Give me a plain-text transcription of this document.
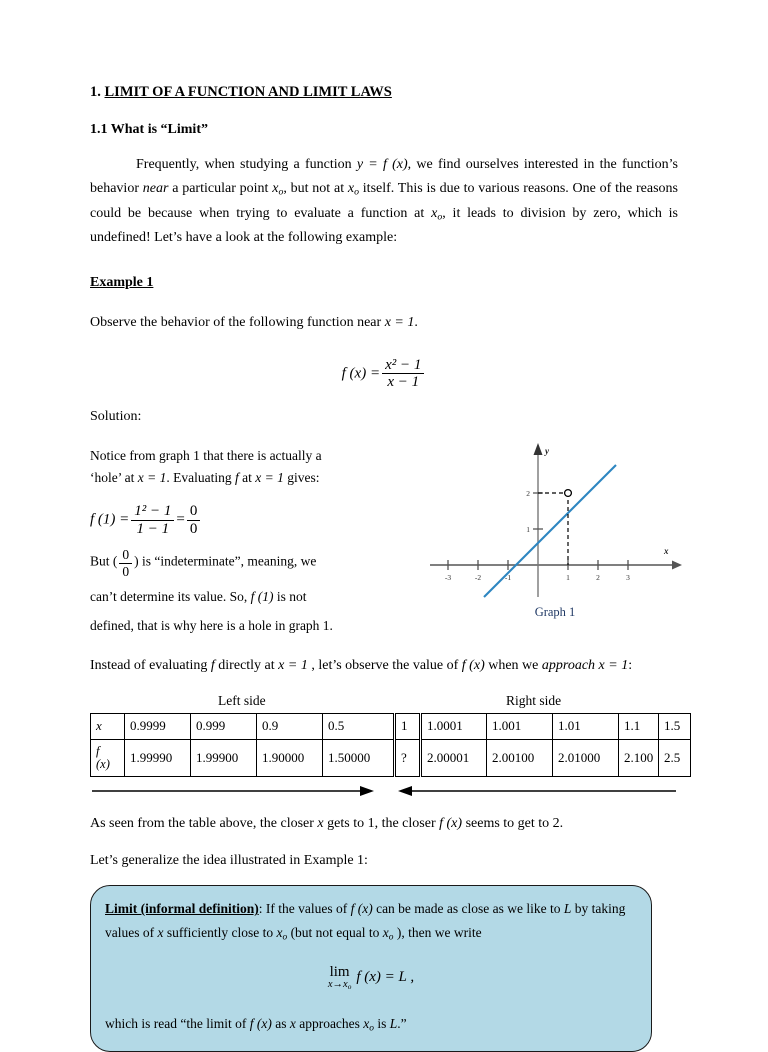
1. LIMIT OF A FUNCTION AND LIMIT LAWS
1.1 What is “Limit”

Frequently, when studying a function y = f (x), we find ourselves interested in the function’s behavior near a particular point $x_o$, but not at $x_o$ itself. This is due to various reasons. One of the reasons could be because when trying to evaluate a function at $x_o$, it leads to division by zero, which is undefined! Let’s have a look at the following example:

Example 1

Observe the behavior of the following function near x = 1.

f $(x) = \frac{\text{x² − 1}}{x - 1}$

Solution:

Notice from graph 1 that there is actually a

‘hole’ at x = 1. Evaluating f at x = 1 gives:

f $(1) = \frac{\text{1² − 1}}{1 - 1} = \frac{0}{0}$

But ( $\frac{0}{0}$ ) is “indeterminate”, meaning, we

can’t determine its value. So, f (1) is not

defined, that is why here is a hole in graph 1.

-3	-2	-1	1	2	3
1
2
x
y
Graph 1

Instead of evaluating f directly at x = 1 , let’s observe the value of f (x) when we approach x = 1:

Left side	Right side
x	0.9999	0.999	0.9	0.5	1	1.0001	1.001	1.01	1.1	1.5
f
(x)	1.99990	1.99900	1.90000	1.50000	?	2.00001	2.00100	2.01000	2.100	2.5

As seen from the table above, the closer x gets to 1, the closer f (x) seems to get to 2.

Let’s generalize the idea illustrated in Example 1:

Limit (informal definition): If the values of f (x) can be made as close as we like to L by taking values of x sufficiently close to $x_o$ (but not equal to $x_o$ ), then we write

lim
$x\to x_o$
f (x) = L ,

which is read “the limit of f (x) as x approaches $x_o$ is L.”
